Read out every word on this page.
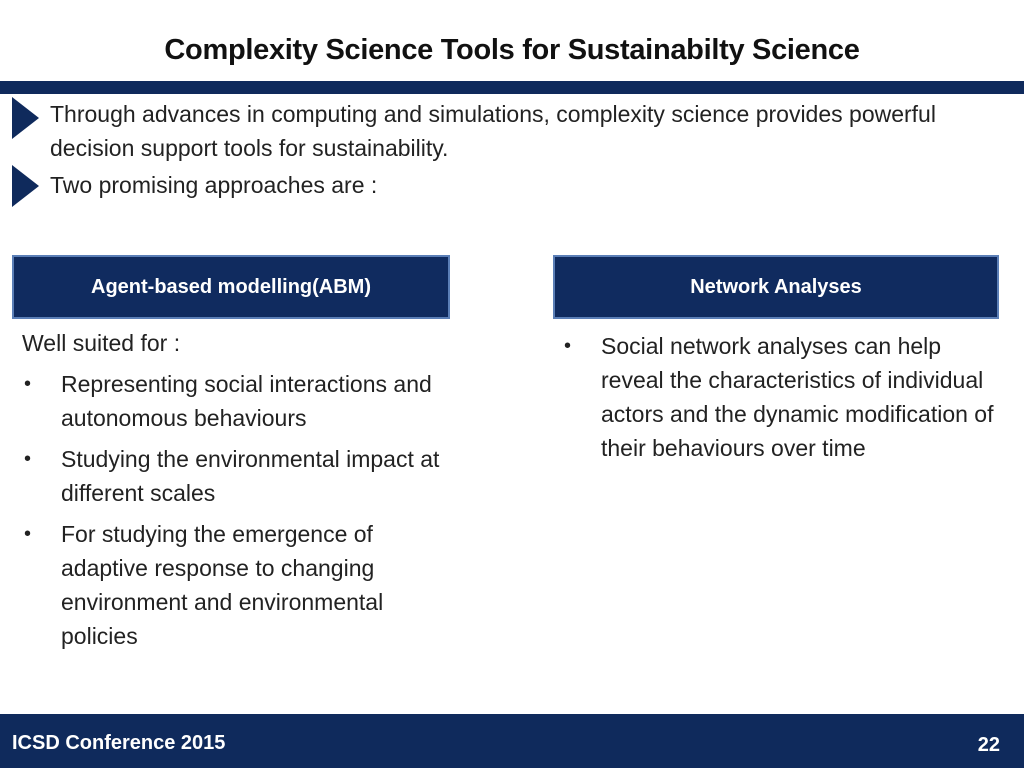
Complexity Science Tools for Sustainabilty Science
Through advances in computing and simulations, complexity science provides powerful decision support tools for sustainability.
Two promising approaches are :
Agent-based modelling(ABM)	Network Analyses
Well suited for :
• Representing social interactions and autonomous behaviours
• Studying the environmental impact at different scales
• For studying the emergence of adaptive response to changing environment and environmental policies
• Social network analyses can help reveal the characteristics of individual actors and the dynamic modification of their behaviours over time
ICSD Conference 2015	22
